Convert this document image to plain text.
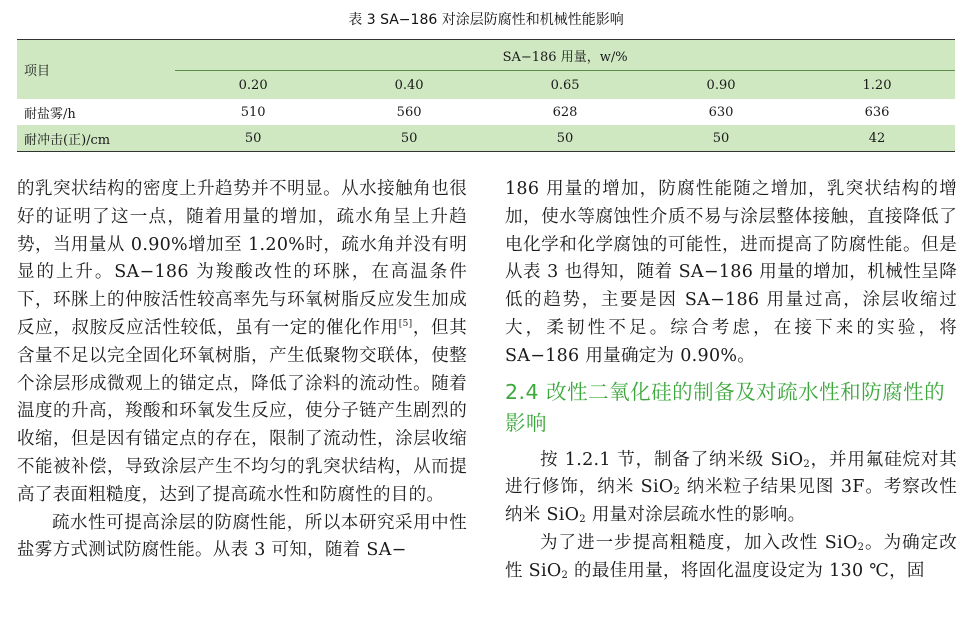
表 3 SA−186 对涂层防腐性和机械性能影响
项目	SA−186 用量，w/%				
	0.20	0.40	0.65	0.90	1.20
耐盐雾/h	510	560	628	630	636
耐冲击(正)/cm	50	50	50	50	42

的乳突状结构的密度上升趋势并不明显。从水接触角也很好的证明了这一点，随着用量的增加，疏水角呈上升趋势，当用量从 0.90%增加至 1.20%时，疏水角并没有明显的上升。SA−186 为羧酸改性的环脒，在高温条件下，环脒上的仲胺活性较高率先与环氧树脂反应发生加成反应，叔胺反应活性较低，虽有一定的催化作用[5]，但其含量不足以完全固化环氧树脂，产生低聚物交联体，使整个涂层形成微观上的锚定点，降低了涂料的流动性。随着温度的升高，羧酸和环氧发生反应，使分子链产生剧烈的收缩，但是因有锚定点的存在，限制了流动性，涂层收缩不能被补偿，导致涂层产生不均匀的乳突状结构，从而提高了表面粗糙度，达到了提高疏水性和防腐性的目的。

疏水性可提高涂层的防腐性能，所以本研究采用中性盐雾方式测试防腐性能。从表 3 可知，随着 SA−

186 用量的增加，防腐性能随之增加，乳突状结构的增加，使水等腐蚀性介质不易与涂层整体接触，直接降低了电化学和化学腐蚀的可能性，进而提高了防腐性能。但是从表 3 也得知，随着 SA−186 用量的增加，机械性呈降低的趋势，主要是因 SA−186 用量过高，涂层收缩过大，柔韧性不足。综合考虑，在接下来的实验，将 SA−186 用量确定为 0.90%。

2.4 改性二氧化硅的制备及对疏水性和防腐性的影响

按 1.2.1 节，制备了纳米级 SiO$_2$，并用氟硅烷对其进行修饰，纳米 SiO$_2$ 纳米粒子结果见图 3F。考察改性纳米 SiO$_2$ 用量对涂层疏水性的影响。

为了进一步提高粗糙度，加入改性 SiO$_2$。为确定改性 SiO$_2$ 的最佳用量，将固化温度设定为 130 ℃，固
